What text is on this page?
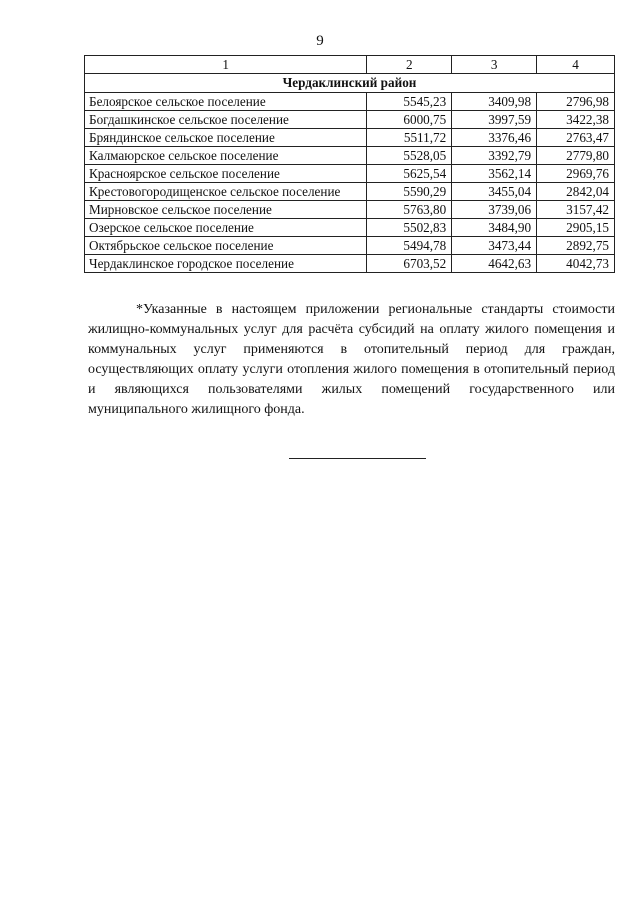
9
1	2	3	4
Чердаклинский район			
Белоярское сельское поселение	5545,23	3409,98	2796,98
Богдашкинское сельское поселение	6000,75	3997,59	3422,38
Бряндинское сельское поселение	5511,72	3376,46	2763,47
Калмаюрское сельское поселение	5528,05	3392,79	2779,80
Красноярское сельское поселение	5625,54	3562,14	2969,76
Крестовогородищенское сельское поселение	5590,29	3455,04	2842,04
Мирновское сельское поселение	5763,80	3739,06	3157,42
Озерское сельское поселение	5502,83	3484,90	2905,15
Октябрьское сельское поселение	5494,78	3473,44	2892,75
Чердаклинское городское поселение	6703,52	4642,63	4042,73
*Указанные в настоящем приложении региональные стандарты стоимости жилищно-коммунальных услуг для расчёта субсидий на оплату жилого помещения и коммунальных услуг применяются в отопительный период для граждан, осуществляющих оплату услуги отопления жилого помещения в отопительный период и являющихся пользователями жилых помещений государственного или муниципального жилищного фонда.
